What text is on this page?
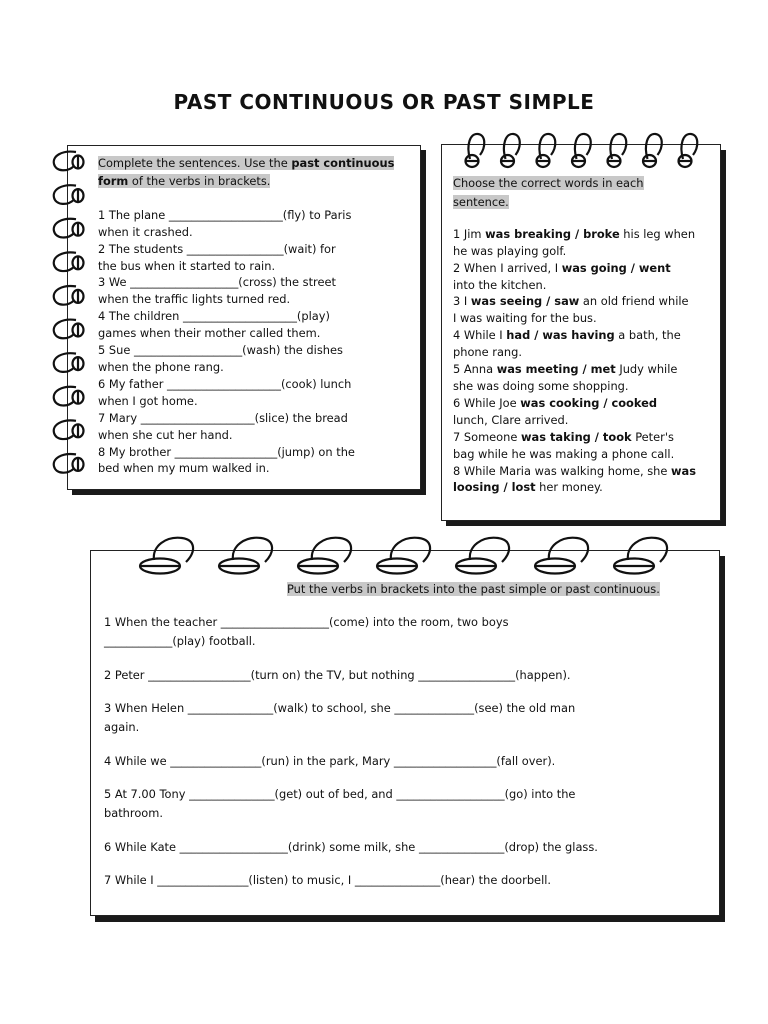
PAST CONTINUOUS OR PAST SIMPLE
Complete the sentences. Use the past continuous
form of the verbs in brackets.
1 The plane ____________________(fly) to Paris
when it crashed.
2 The students _________________(wait) for
the bus when it started to rain.
3 We ___________________(cross) the street
when the traffic lights turned red.
4 The children ____________________(play)
games when their mother called them.
5 Sue ___________________(wash) the dishes
when the phone rang.
6 My father ____________________(cook) lunch
when I got home.
7 Mary ____________________(slice) the bread
when she cut her hand.
8 My brother __________________(jump) on the
bed when my mum walked in.
Choose the correct words in each
sentence.
1 Jim was breaking / broke his leg when
he was playing golf.
2 When I arrived, I was going / went
into the kitchen.
3 I was seeing / saw an old friend while
I was waiting for the bus.
4 While I had / was having a bath, the
phone rang.
5 Anna was meeting / met Judy while
she was doing some shopping.
6 While Joe was cooking / cooked
lunch, Clare arrived.
7 Someone was taking / took Peter's
bag while he was making a phone call.
8 While Maria was walking home, she was
loosing / lost her money.
Put the verbs in brackets into the past simple or past continuous.
1 When the teacher ___________________(come) into the room, two boys
____________(play) football.
2 Peter __________________(turn on) the TV, but nothing _________________(happen).
3 When Helen _______________(walk) to school, she ______________(see) the old man
again.
4 While we ________________(run) in the park, Mary __________________(fall over).
5 At 7.00 Tony _______________(get) out of bed, and ___________________(go) into the
bathroom.
6 While Kate ___________________(drink) some milk, she _______________(drop) the glass.
7 While I ________________(listen) to music, I _______________(hear) the doorbell.
